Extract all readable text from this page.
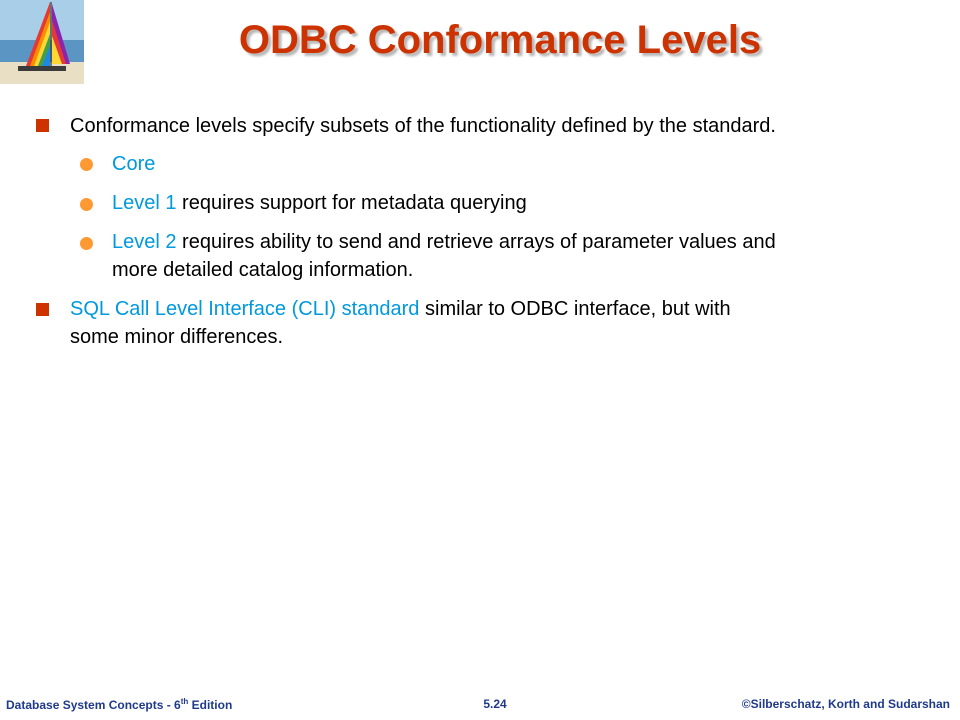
ODBC Conformance Levels
Conformance levels specify subsets of the functionality defined by the standard.
Core
Level 1 requires support for metadata querying
Level 2 requires ability to send and retrieve arrays of parameter values and
more detailed catalog information.
SQL Call Level Interface (CLI) standard similar to ODBC interface, but with
some minor differences.
Database System Concepts - 6th Edition	5.24	©Silberschatz, Korth and Sudarshan
